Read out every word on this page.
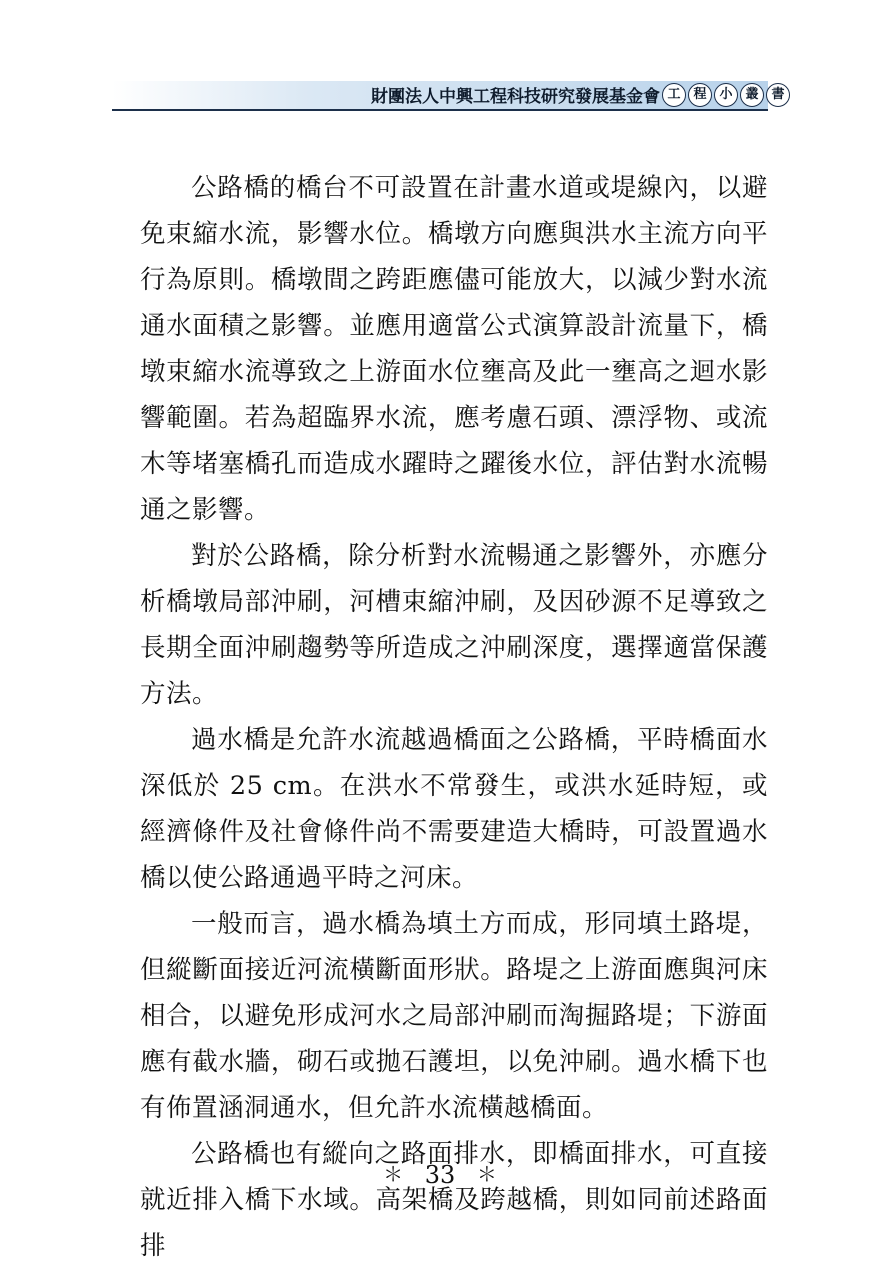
財團法人中興工程科技研究發展基金會 工 程 小 叢 書

公路橋的橋台不可設置在計畫水道或堤線內，以避免束縮水流，影響水位。橋墩方向應與洪水主流方向平行為原則。橋墩間之跨距應儘可能放大，以減少對水流通水面積之影響。並應用適當公式演算設計流量下，橋墩束縮水流導致之上游面水位壅高及此一壅高之迴水影響範圍。若為超臨界水流，應考慮石頭、漂浮物、或流木等堵塞橋孔而造成水躍時之躍後水位，評估對水流暢通之影響。

對於公路橋，除分析對水流暢通之影響外，亦應分析橋墩局部沖刷，河槽束縮沖刷，及因砂源不足導致之長期全面沖刷趨勢等所造成之沖刷深度，選擇適當保護方法。

過水橋是允許水流越過橋面之公路橋，平時橋面水深低於 25 cm。在洪水不常發生，或洪水延時短，或經濟條件及社會條件尚不需要建造大橋時，可設置過水橋以使公路通過平時之河床。

一般而言，過水橋為填土方而成，形同填土路堤，但縱斷面接近河流橫斷面形狀。路堤之上游面應與河床相合，以避免形成河水之局部沖刷而淘掘路堤；下游面應有截水牆，砌石或拋石護坦，以免沖刷。過水橋下也有佈置涵洞通水，但允許水流橫越橋面。

公路橋也有縱向之路面排水，即橋面排水，可直接就近排入橋下水域。高架橋及跨越橋，則如同前述路面排

＊ 33 ＊
